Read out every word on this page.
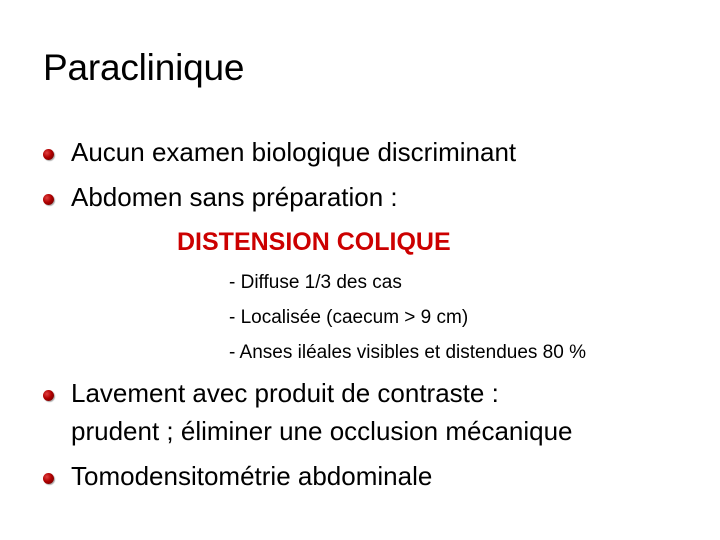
Paraclinique
Aucun examen biologique discriminant
Abdomen sans préparation :
DISTENSION COLIQUE
- Diffuse 1/3 des cas
- Localisée (caecum > 9 cm)
- Anses iléales visibles et distendues 80 %
Lavement avec produit de contraste :
prudent ; éliminer une occlusion mécanique
Tomodensitométrie abdominale
